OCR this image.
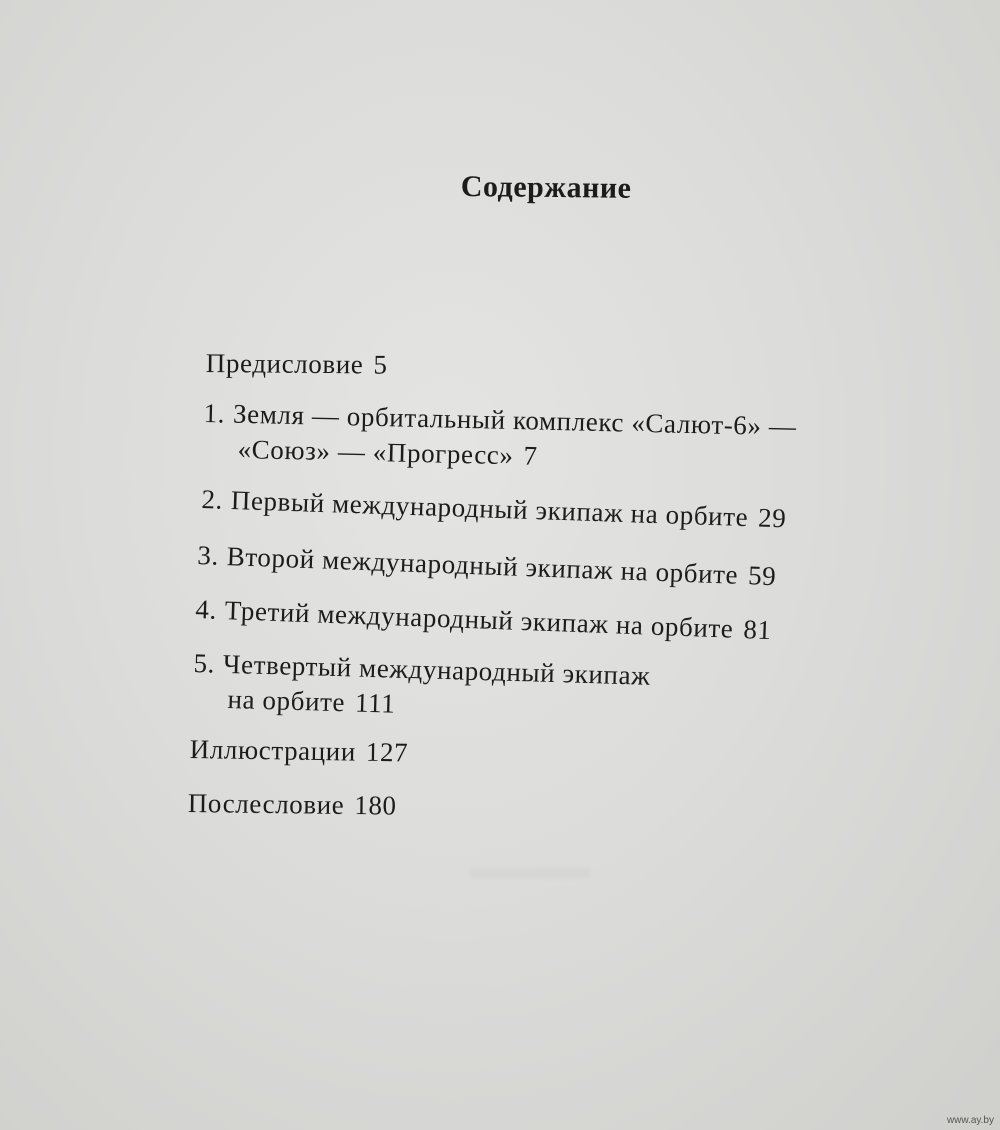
Содержание
Предисловие 5
1. Земля — орбитальный комплекс «Салют-6» —
«Союз» — «Прогресс» 7
2. Первый международный экипаж на орбите 29
3. Второй международный экипаж на орбите 59
4. Третий международный экипаж на орбите 81
5. Четвертый международный экипаж
на орбите 111
Иллюстрации 127
Послесловие 180
www.ay.by
